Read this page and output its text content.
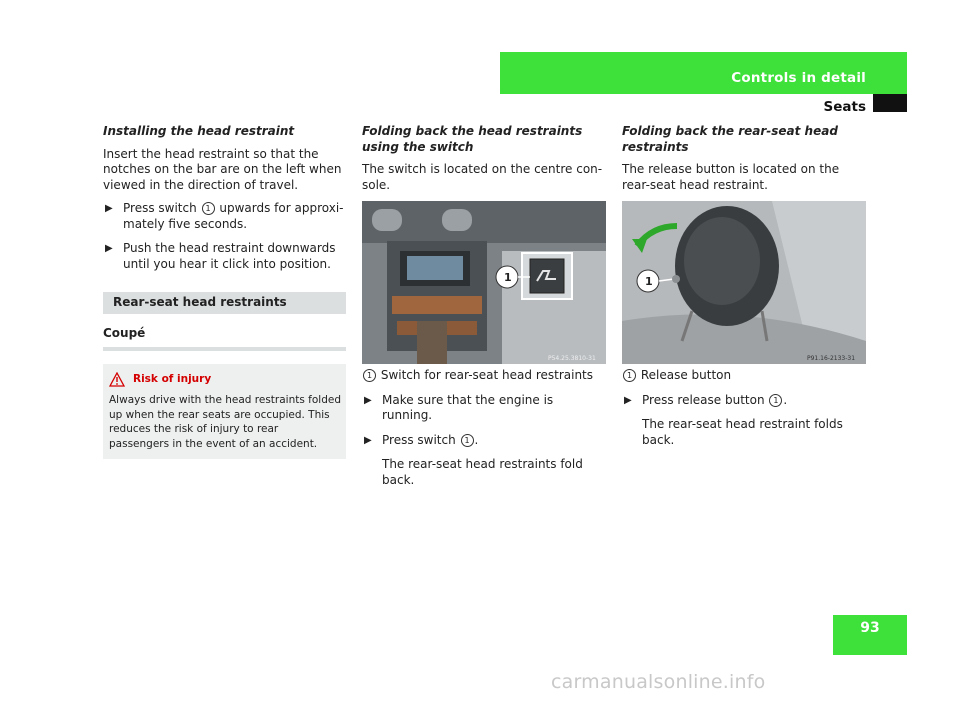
Controls in detail
Seats
Installing the head restraint

Insert the head restraint so that the notches on the bar are on the left when viewed in the direction of travel.

▶ Press switch 1 upwards for approxi-mately five seconds.
▶ Push the head restraint downwards until you hear it click into position.
Rear-seat head restraints
Coupé
Risk of injury
Always drive with the head restraints folded up when the rear seats are occupied. This reduces the risk of injury to rear passengers in the event of an accident.
Folding back the head restraints using the switch

The switch is located on the centre con-sole.

P54.25.3810-31
1
1 Switch for rear-seat head restraints
▶ Make sure that the engine is running.
▶ Press switch 1 .

The rear-seat head restraints fold back.

Folding back the rear-seat head restraints

The release button is located on the rear-seat head restraint.

P91.16-2133-31
1
1 Release button
▶ Press release button 1 .

The rear-seat head restraint folds back.

93
carmanualsonline.info
